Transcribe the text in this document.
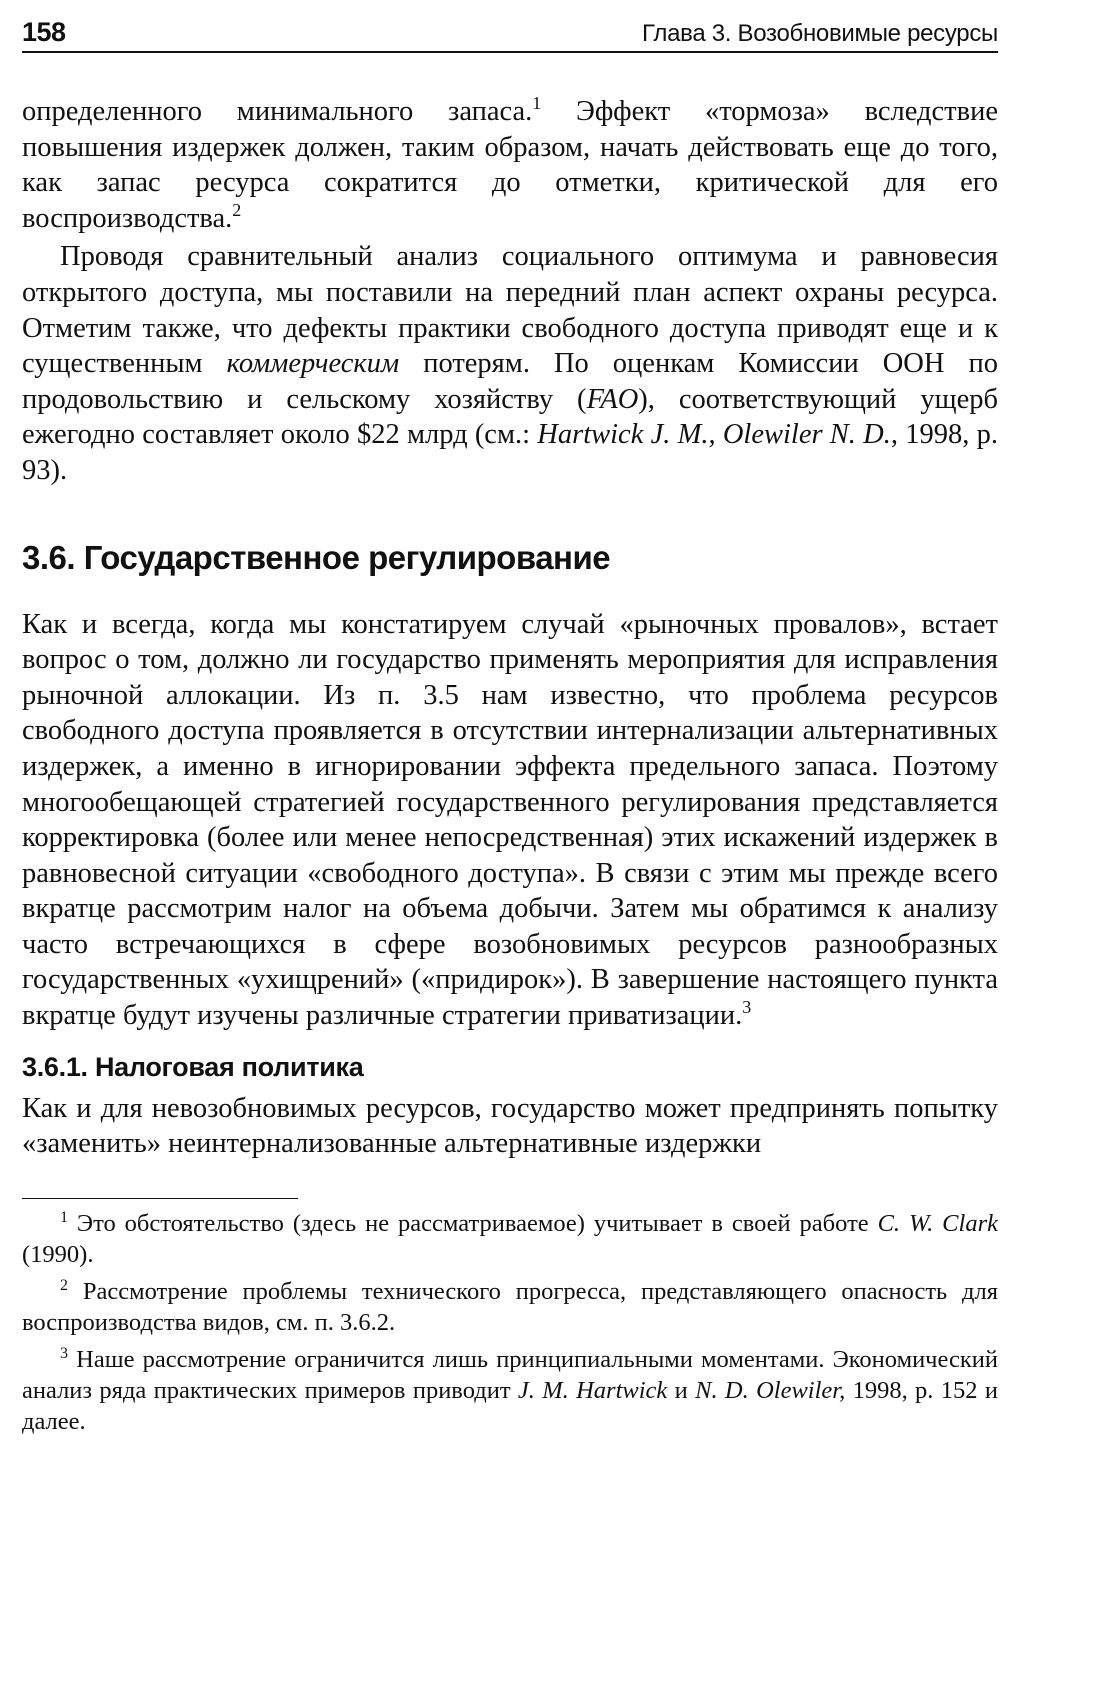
158	Глава 3. Возобновимые ресурсы

определенного минимального запаса.$^1$ Эффект «тормоза» вследствие повышения издержек должен, таким образом, начать действовать еще до того, как запас ресурса сократится до отметки, критической для его воспроизводства.$^2$

Проводя сравнительный анализ социального оптимума и равновесия открытого доступа, мы поставили на передний план аспект охраны ресурса. Отметим также, что дефекты практики свободного доступа приводят еще и к существенным коммерческим потерям. По оценкам Комиссии ООН по продовольствию и сельскому хозяйству (FAO), соответствующий ущерб ежегодно составляет около $22 млрд (см.: Hartwick J. M., Olewiler N. D., 1998, p. 93).

3.6. Государственное регулирование

Как и всегда, когда мы констатируем случай «рыночных провалов», встает вопрос о том, должно ли государство применять мероприятия для исправления рыночной аллокации. Из п. 3.5 нам известно, что проблема ресурсов свободного доступа проявляется в отсутствии интернализации альтернативных издержек, а именно в игнорировании эффекта предельного запаса. Поэтому многообещающей стратегией государственного регулирования представляется корректировка (более или менее непосредственная) этих искажений издержек в равновесной ситуации «свободного доступа». В связи с этим мы прежде всего вкратце рассмотрим налог на объема добычи. Затем мы обратимся к анализу часто встречающихся в сфере возобновимых ресурсов разнообразных государственных «ухищрений» («придирок»). В завершение настоящего пункта вкратце будут изучены различные стратегии приватизации.$^3$

3.6.1. Налоговая политика

Как и для невозобновимых ресурсов, государство может предпринять попытку «заменить» неинтернализованные альтернативные издержки

$^1$ Это обстоятельство (здесь не рассматриваемое) учитывает в своей работе C. W. Clark (1990).

$^2$ Рассмотрение проблемы технического прогресса, представляющего опасность для воспроизводства видов, см. п. 3.6.2.

$^3$ Наше рассмотрение ограничится лишь принципиальными моментами. Экономический анализ ряда практических примеров приводит J. M. Hartwick и N. D. Olewiler, 1998, p. 152 и далее.
